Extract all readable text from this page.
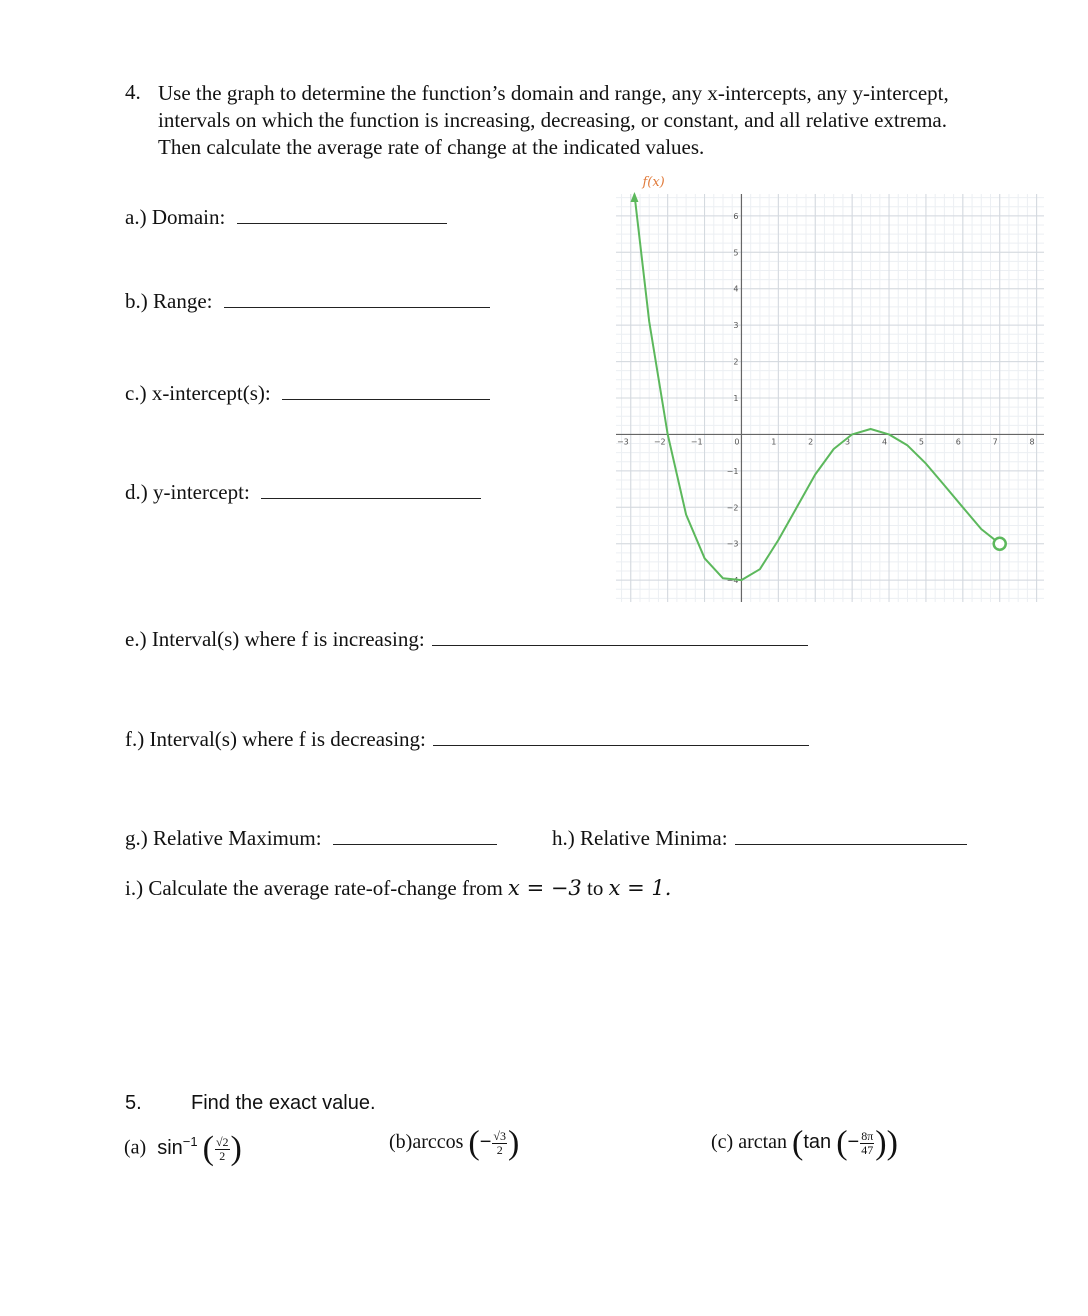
4. Use the graph to determine the function’s domain and range, any x-intercepts, any y-intercept, intervals on which the function is increasing, decreasing, or constant, and all relative extrema. Then calculate the average rate of change at the indicated values.
a.) Domain:
b.) Range:
c.) x-intercept(s):
d.) y-intercept:
e.) Interval(s) where f is increasing:
f.) Interval(s) where f is decreasing:
g.) Relative Maximum:	h.) Relative Minima:
i.) Calculate the average rate-of-change from x = −3 to x = 1.
−3	−2	−1	0	1	2	3	4	5	6	7	8
−4
−3
−2
−1
1
2
3
4
5
6
f(x)
5. Find the exact value.
(a) $\sin^{-1}$ ( $\frac{√2}{2}$ )	(b)arccos (− $\frac{√3}{2}$ )	(c) arctan (tan (− $\frac{8\pi}{47}$ ))
